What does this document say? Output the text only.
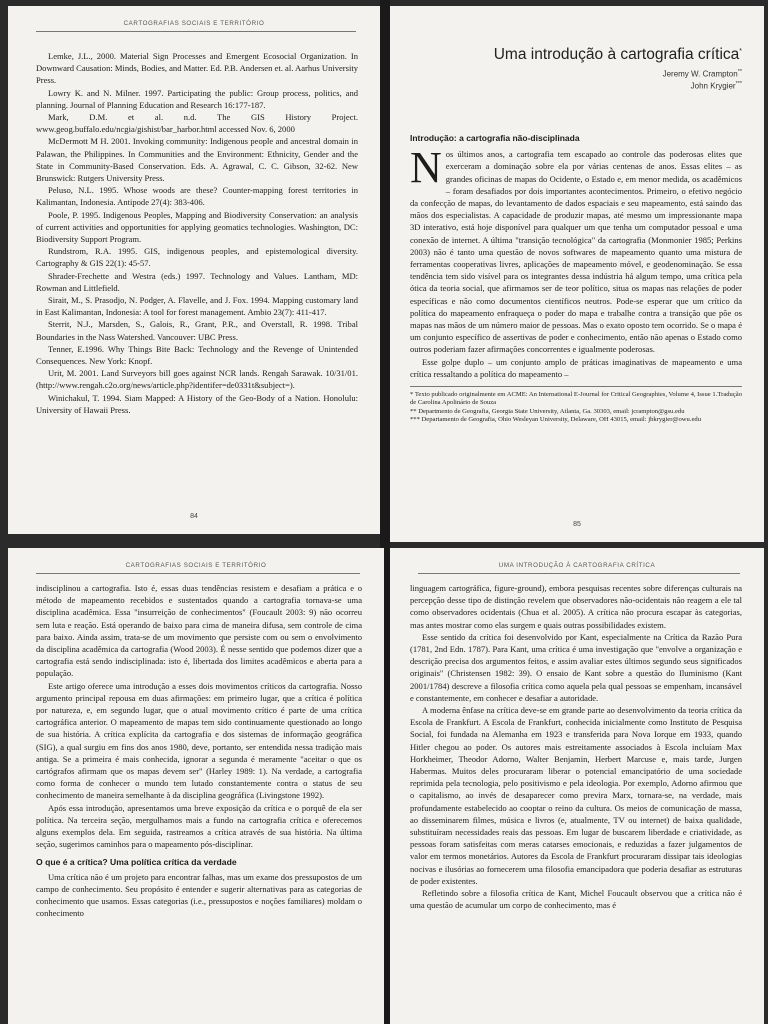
CARTOGRAFIAS SOCIAIS E TERRITÓRIO

Lemke, J.L., 2000. Material Sign Processes and Emergent Ecosocial Organization. In Downward Causation: Minds, Bodies, and Matter. Ed. P.B. Andersen et. al. Aarhus University Press.

Lowry K. and N. Milner. 1997. Participating the public: Group process, politics, and planning. Journal of Planning Education and Research 16:177-187.

Mark, D.M. et al. n.d. The GIS History Project. www.geog.buffalo.edu/ncgia/gishist/bar_harbor.html accessed Nov. 6, 2000

McDermott M H. 2001. Invoking community: Indigenous people and ancestral domain in Palawan, the Philippines. In Communities and the Environment: Ethnicity, Gender and the State in Community-Based Conservation. Eds. A. Agrawal, C. C. Gibson, 32-62. New Brunswick: Rutgers University Press.

Peluso, N.L. 1995. Whose woods are these? Counter-mapping forest territories in Kalimantan, Indonesia. Antipode 27(4): 383-406.

Poole, P. 1995. Indigenous Peoples, Mapping and Biodiversity Conservation: an analysis of current activities and opportunities for applying geomatics technologies. Washington, DC: Biodiversity Support Program.

Rundstrom, R.A. 1995. GIS, indigenous peoples, and epistemological diversity. Cartography & GIS 22(1): 45-57.

Shrader-Frechette and Westra (eds.) 1997. Technology and Values. Lantham, MD: Rowman and Littlefield.

Sirait, M., S. Prasodjo, N. Podger, A. Flavelle, and J. Fox. 1994. Mapping customary land in East Kalimantan, Indonesia: A tool for forest management. Ambio 23(7): 411-417.

Sterrit, N.J., Marsden, S., Galois, R., Grant, P.R., and Overstall, R. 1998. Tribal Boundaries in the Nass Watershed. Vancouver: UBC Press.

Tenner, E.1996. Why Things Bite Back: Technology and the Revenge of Unintended Consequences. New York: Knopf.

Urit, M. 2001. Land Surveyors bill goes against NCR lands. Rengah Sarawak. 10/31/01. (http://www.rengah.c2o.org/news/article.php?identifer=de0331t&subject=).

Winichakul, T. 1994. Siam Mapped: A History of the Geo-Body of a Nation. Honolulu: University of Hawaii Press.

84
Uma introdução à cartografia crítica*
Jeremy W. Crampton**
John Krygier***
Introdução: a cartografia não-disciplinada

Nos últimos anos, a cartografia tem escapado ao controle das poderosas elites que exerceram a dominação sobre ela por várias centenas de anos. Essas elites – as grandes oficinas de mapas do Ocidente, o Estado e, em menor medida, os acadêmicos – foram desafiados por dois importantes acontecimentos. Primeiro, o efetivo negócio da confecção de mapas, do levantamento de dados espaciais e seu mapeamento, está saindo das mãos dos especialistas. A capacidade de produzir mapas, até mesmo um impressionante mapa 3D interativo, está hoje disponível para qualquer um que tenha um computador pessoal e uma conexão de internet. A última "transição tecnológica" da cartografia (Monmonier 1985; Perkins 2003) não é tanto uma questão de novos softwares de mapeamento quanto uma mistura de ferramentas cooperativas livres, aplicações de mapeamento móvel, e geodenominação. Se essa tendência tem sido visível para os integrantes dessa indústria há algum tempo, uma crítica pela ótica da teoria social, que afirmamos ser de teor político, situa os mapas nas relações de poder específicas e não como documentos científicos neutros. Pode-se esperar que um crítico da política do mapeamento enfraqueça o poder do mapa e trabalhe contra a transição que põe os mapas nas mãos de um número maior de pessoas. Mas o exato oposto tem ocorrido. Se o mapa é um conjunto específico de assertivas de poder e conhecimento, então não apenas o Estado como outros poderiam fazer afirmações concorrentes e igualmente poderosas.

Esse golpe duplo – um conjunto amplo de práticas imaginativas de mapeamento e uma crítica ressaltando a política do mapeamento –

* Texto publicado originalmente em ACME: An International E-Journal for Critical Geographies, Volume 4, Issue 1.Tradução de Carolina Apolinário de Souza

** Departmento de Geografia, Georgia State University, Atlanta, Ga. 30303, email: jcrampton@gsu.edu

*** Departamento de Geografia, Ohio Wesleyan University, Delaware, OH 43015, email: jbkrygier@owu.edu

85
CARTOGRAFIAS SOCIAIS E TERRITÓRIO

indisciplinou a cartografia. Isto é, essas duas tendências resistem e desafiam a prática e o método de mapeamento recebidos e sustentados quando a cartografia tornava-se uma disciplina acadêmica. Essa "insurreição de conhecimentos" (Foucault 2003: 9) não ocorreu sem luta e reação. Está operando de baixo para cima de maneira difusa, sem controle de cima para baixo. Ainda assim, trata-se de um movimento que persiste com ou sem o envolvimento da disciplina acadêmica da cartografia (Wood 2003). É nesse sentido que podemos dizer que a cartografia está sendo indisciplinada: isto é, libertada dos limites acadêmicos e aberta para a população.

Este artigo oferece uma introdução a esses dois movimentos críticos da cartografia. Nosso argumento principal repousa em duas afirmações: em primeiro lugar, que a crítica é política por natureza, e, em segundo lugar, que o atual movimento crítico é parte de uma crítica cartográfica anterior. O mapeamento de mapas tem sido continuamente questionado ao longo de sua história. A crítica explícita da cartografia e dos sistemas de informação geográfica (SIG), a qual surgiu em fins dos anos 1980, deve, portanto, ser entendida nessa tradição mais antiga. Se a primeira é mais conhecida, ignorar a segunda é meramente "aceitar o que os cartógrafos afirmam que os mapas devem ser" (Harley 1989: 1). Na verdade, a cartografia como forma de conhecer o mundo tem lutado constantemente contra o status de seu conhecimento de maneira semelhante à da disciplina geográfica (Livingstone 1992).

Após essa introdução, apresentamos uma breve exposição da crítica e o porquê de ela ser política. Na terceira seção, mergulhamos mais a fundo na cartografia crítica e oferecemos alguns exemplos dela. Em seguida, rastreamos a crítica através de sua história. Na última seção, sugerimos caminhos para o mapeamento pós-disciplinar.

O que é a crítica? Uma política crítica da verdade

Uma crítica não é um projeto para encontrar falhas, mas um exame dos pressupostos de um campo de conhecimento. Seu propósito é entender e sugerir alternativas para as categorias de conhecimento que usamos. Essas categorias (i.e., pressupostos e noções familiares) moldam o conhecimento

UMA INTRODUÇÃO À CARTOGRAFIA CRÍTICA

linguagem cartográfica, figure-ground), embora pesquisas recentes sobre diferenças culturais na percepção desse tipo de distinção revelem que observadores não-ocidentais não reagem a ele tal como observadores ocidentais (Chua et al. 2005). A crítica não procura escapar às categorias, mas antes mostrar como elas surgem e quais outras possibilidades existem.

Esse sentido da crítica foi desenvolvido por Kant, especialmente na Crítica da Razão Pura (1781, 2nd Edn. 1787). Para Kant, uma crítica é uma investigação que "envolve a organização e descrição precisa dos argumentos feitos, e assim avaliar estes últimos segundo seus significados originais" (Christensen 1982: 39). O ensaio de Kant sobre a questão do Iluminismo (Kant 2001/1784) descreve a filosofia crítica como aquela pela qual pessoas se empenham, incansável e constantemente, em conhecer e desafiar a autoridade.

A moderna ênfase na crítica deve-se em grande parte ao desenvolvimento da teoria crítica da Escola de Frankfurt. A Escola de Frankfurt, conhecida inicialmente como Instituto de Pesquisa Social, foi fundada na Alemanha em 1923 e transferida para Nova Iorque em 1933, quando Hitler chegou ao poder. Os autores mais estreitamente associados à Escola incluíam Max Horkheimer, Theodor Adorno, Walter Benjamin, Herbert Marcuse e, mais tarde, Jurgen Habermas. Muitos deles procuraram liberar o potencial emancipatório de uma sociedade reprimida pela tecnologia, pelo positivismo e pela ideologia. Por exemplo, Adorno afirmou que o capitalismo, ao invés de desaparecer como previra Marx, tornara-se, na verdade, mais profundamente estabelecido ao cooptar o reino da cultura. Os meios de comunicação de massa, ao disseminarem filmes, música e livros (e, atualmente, TV ou internet) de baixa qualidade, substituíram necessidades reais das pessoas. Em lugar de buscarem liberdade e criatividade, as pessoas foram satisfeitas com meras catarses emocionais, e reduzidas a fazer julgamentos de valor em termos monetários. Autores da Escola de Frankfurt procuraram dissipar tais ideologias nocivas e ilusórias ao fornecerem uma filosofia emancipadora que poderia desafiar as estruturas de poder existentes.

Refletindo sobre a filosofia crítica de Kant, Michel Foucault observou que a crítica não é uma questão de acumular um corpo de conhecimento, mas é
